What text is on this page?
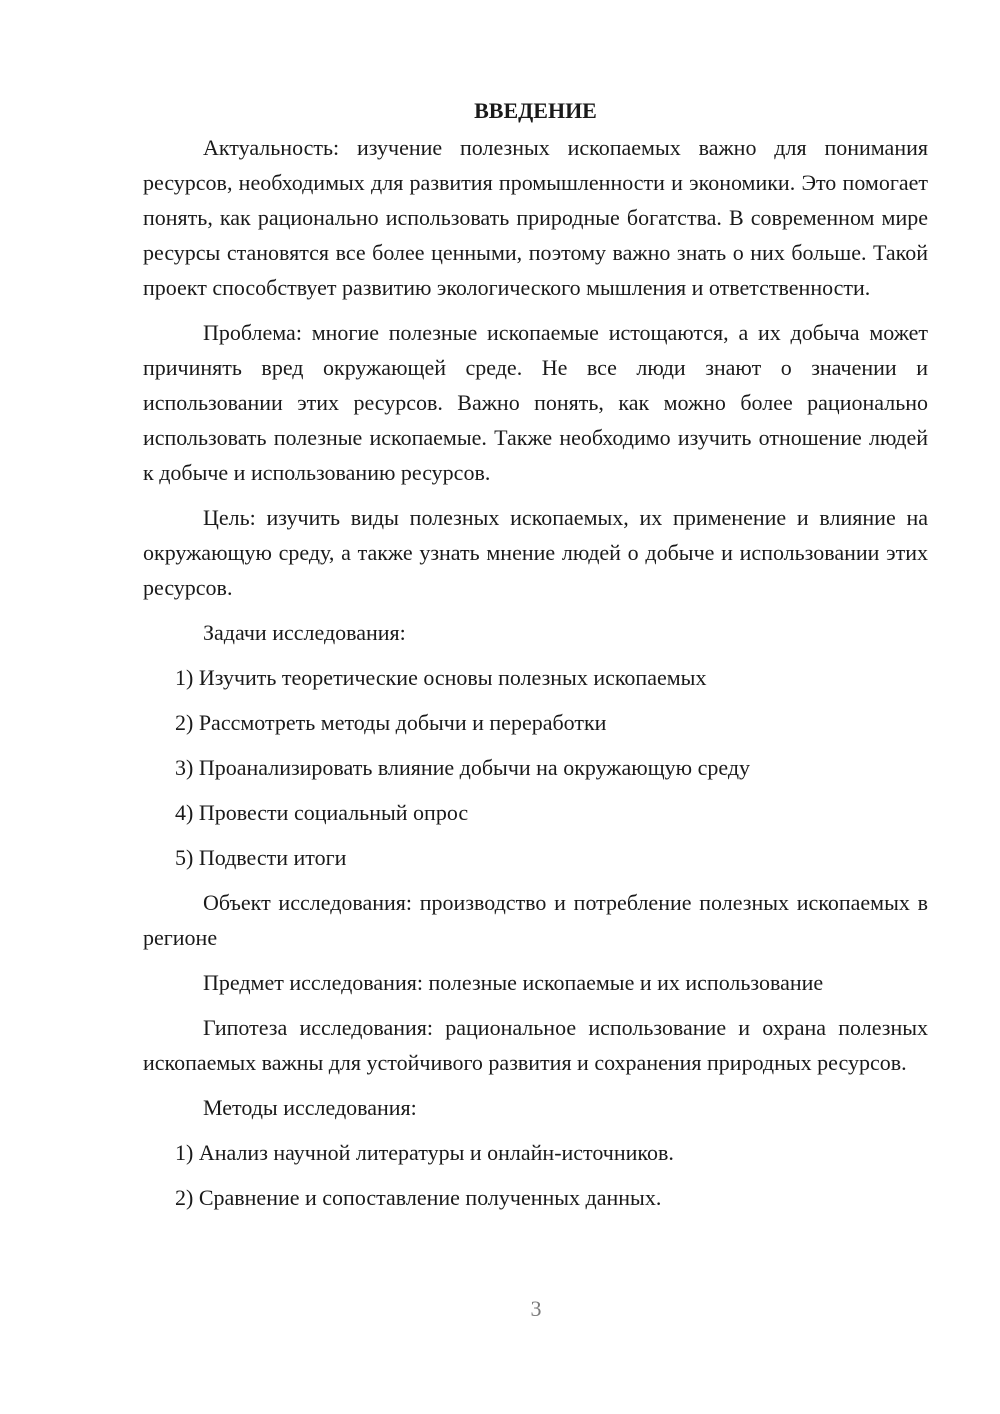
ВВЕДЕНИЕ

Актуальность: изучение полезных ископаемых важно для понимания ресурсов, необходимых для развития промышленности и экономики. Это помогает понять, как рационально использовать природные богатства. В современном мире ресурсы становятся все более ценными, поэтому важно знать о них больше. Такой проект способствует развитию экологического мышления и ответственности.

Проблема: многие полезные ископаемые истощаются, а их добыча может причинять вред окружающей среде. Не все люди знают о значении и использовании этих ресурсов. Важно понять, как можно более рационально использовать полезные ископаемые. Также необходимо изучить отношение людей к добыче и использованию ресурсов.

Цель: изучить виды полезных ископаемых, их применение и влияние на окружающую среду, а также узнать мнение людей о добыче и использовании этих ресурсов.

Задачи исследования:

1) Изучить теоретические основы полезных ископаемых
2) Рассмотреть методы добычи и переработки
3) Проанализировать влияние добычи на окружающую среду
4) Провести социальный опрос
5) Подвести итоги

Объект исследования: производство и потребление полезных ископаемых в регионе

Предмет исследования: полезные ископаемые и их использование

Гипотеза исследования: рациональное использование и охрана полезных ископаемых важны для устойчивого развития и сохранения природных ресурсов.

Методы исследования:

1) Анализ научной литературы и онлайн-источников.
2) Сравнение и сопоставление полученных данных.
3
